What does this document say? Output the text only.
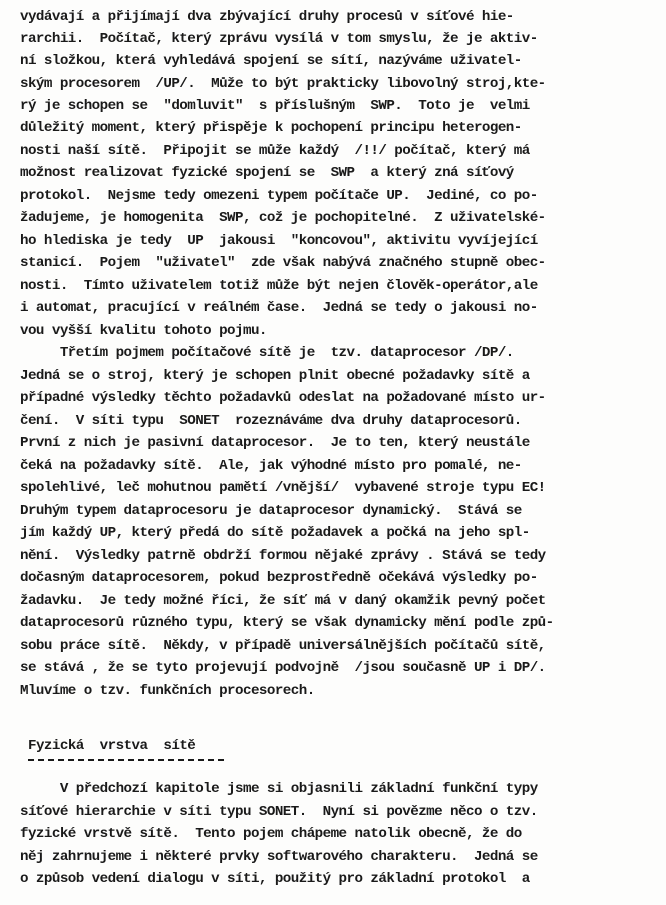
vydávají a přijímají dva zbývající druhy procesů v síťové hie-
rarchii.  Počítač, který zprávu vysílá v tom smyslu, že je aktiv-
ní složkou, která vyhledává spojení se sítí, nazýváme uživatel-
ským procesorem  /UP/.  Může to být prakticky libovolný stroj,kte-
rý je schopen se  "domluvit"  s příslušným  SWP.  Toto je  velmi
důležitý moment, který přispěje k pochopení principu heterogen-
nosti naší sítě.  Připojit se může každý  /!!/ počítač, který má
možnost realizovat fyzické spojení se  SWP  a který zná síťový
protokol.  Nejsme tedy omezeni typem počítače UP.  Jediné, co po-
žadujeme, je homogenita  SWP, což je pochopitelné.  Z uživatelské-
ho hlediska je tedy  UP  jakousi  "koncovou", aktivitu vyvíjející
stanicí.  Pojem  "uživatel"  zde však nabývá značného stupně obec-
nosti.  Tímto uživatelem totiž může být nejen člověk-operátor,ale
i automat, pracující v reálném čase.  Jedná se tedy o jakousi no-
vou vyšší kvalitu tohoto pojmu.
Třetím pojmem počítačové sítě je  tzv. dataprocesor /DP/.
Jedná se o stroj, který je schopen plnit obecné požadavky sítě a
případné výsledky těchto požadavků odeslat na požadované místo ur-
čení.  V síti typu  SONET  rozeznáváme dva druhy dataprocesorů.
První z nich je pasivní dataprocesor.  Je to ten, který neustále
čeká na požadavky sítě.  Ale, jak výhodné místo pro pomalé, ne-
spolehlivé, leč mohutnou pamětí /vnější/  vybavené stroje typu EC!
Druhým typem dataprocesoru je dataprocesor dynamický.  Stává se
jím každý UP, který předá do sítě požadavek a počká na jeho spl-
nění.  Výsledky patrně obdrží formou nějaké zprávy . Stává se tedy
dočasným dataprocesorem, pokud bezprostředně očekává výsledky po-
žadavku.  Je tedy možné říci, že síť má v daný okamžik pevný počet
dataprocesorů různého typu, který se však dynamicky mění podle způ-
sobu práce sítě.  Někdy, v případě universálnějších počítačů sítě,
se stává , že se tyto projevují podvojně  /jsou současně UP i DP/.
Mluvíme o tzv. funkčních procesorech.
Fyzická  vrstva  sítě
V předchozí kapitole jsme si objasnili základní funkční typy
síťové hierarchie v síti typu SONET.  Nyní si povězme něco o tzv.
fyzické vrstvě sítě.  Tento pojem chápeme natolik obecně, že do
něj zahrnujeme i některé prvky softwarového charakteru.  Jedná se
o způsob vedení dialogu v síti, použitý pro základní protokol  a
